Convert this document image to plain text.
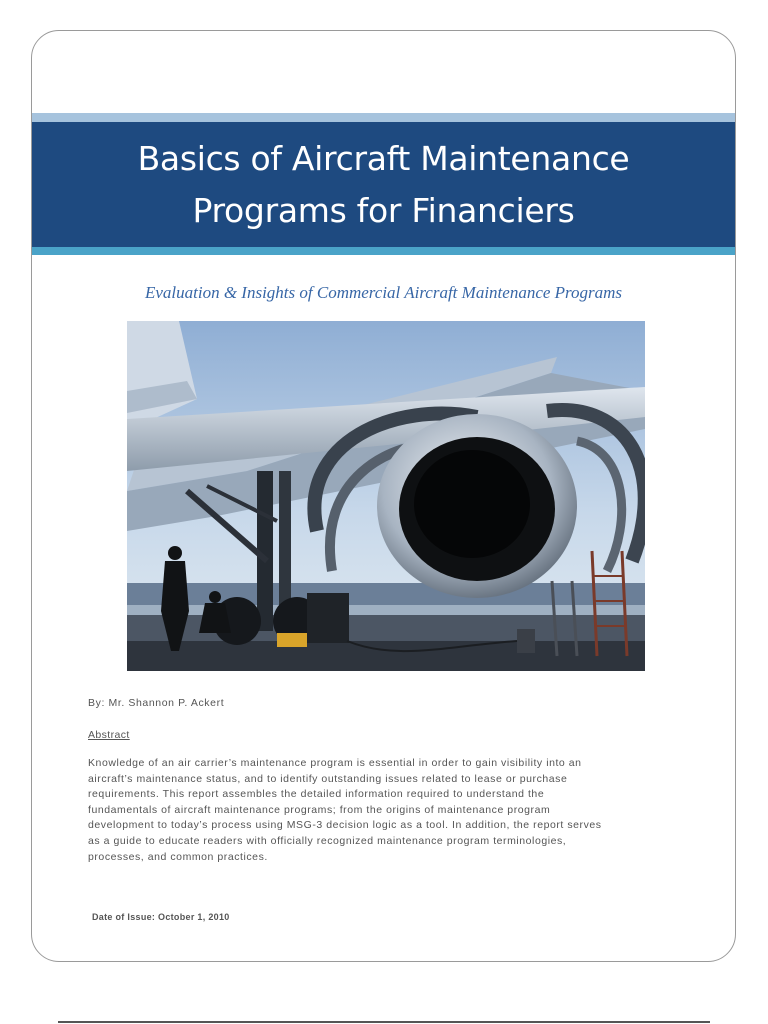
Basics of Aircraft Maintenance
Programs for Financiers
Evaluation & Insights of Commercial Aircraft Maintenance Programs
By: Mr. Shannon P. Ackert
Abstract
Knowledge of an air carrier’s maintenance program is essential in order to gain visibility into an
aircraft’s maintenance status, and to identify outstanding issues related to lease or purchase
requirements. This report assembles the detailed information required to understand the
fundamentals of aircraft maintenance programs; from the origins of maintenance program
development to today’s process using MSG-3 decision logic as a tool. In addition, the report serves
as a guide to educate readers with officially recognized maintenance program terminologies,
processes, and common practices.
Date of Issue: October 1, 2010
